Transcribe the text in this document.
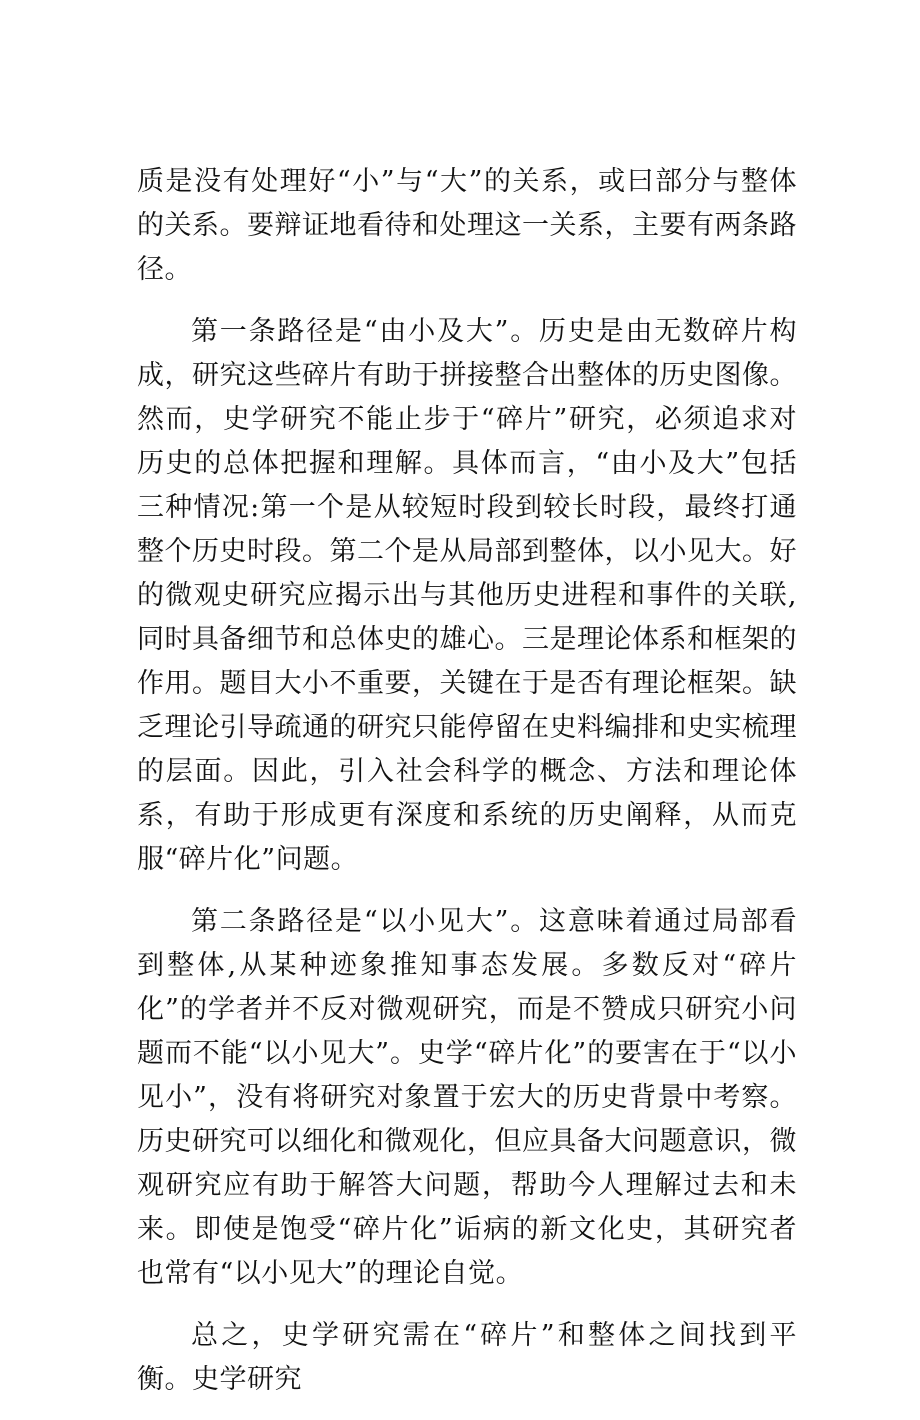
质是没有处理好“小”与“大”的关系，或曰部分与整体的关系。要辩证地看待和处理这一关系，主要有两条路径。

第一条路径是“由小及大”。历史是由无数碎片构成，研究这些碎片有助于拼接整合出整体的历史图像。然而，史学研究不能止步于“碎片”研究，必须追求对历史的总体把握和理解。具体而言，“由小及大”包括三种情况:第一个是从较短时段到较长时段，最终打通整个历史时段。第二个是从局部到整体，以小见大。好的微观史研究应揭示出与其他历史进程和事件的关联,同时具备细节和总体史的雄心。三是理论体系和框架的作用。题目大小不重要，关键在于是否有理论框架。缺乏理论引导疏通的研究只能停留在史料编排和史实梳理的层面。因此，引入社会科学的概念、方法和理论体系，有助于形成更有深度和系统的历史阐释，从而克服“碎片化”问题。

第二条路径是“以小见大”。这意味着通过局部看到整体,从某种迹象推知事态发展。多数反对“碎片化”的学者并不反对微观研究，而是不赞成只研究小问题而不能“以小见大”。史学“碎片化”的要害在于“以小见小”，没有将研究对象置于宏大的历史背景中考察。历史研究可以细化和微观化，但应具备大问题意识，微观研究应有助于解答大问题，帮助今人理解过去和未来。即使是饱受“碎片化”诟病的新文化史，其研究者也常有“以小见大”的理论自觉。

总之，史学研究需在“碎片”和整体之间找到平衡。史学研究
